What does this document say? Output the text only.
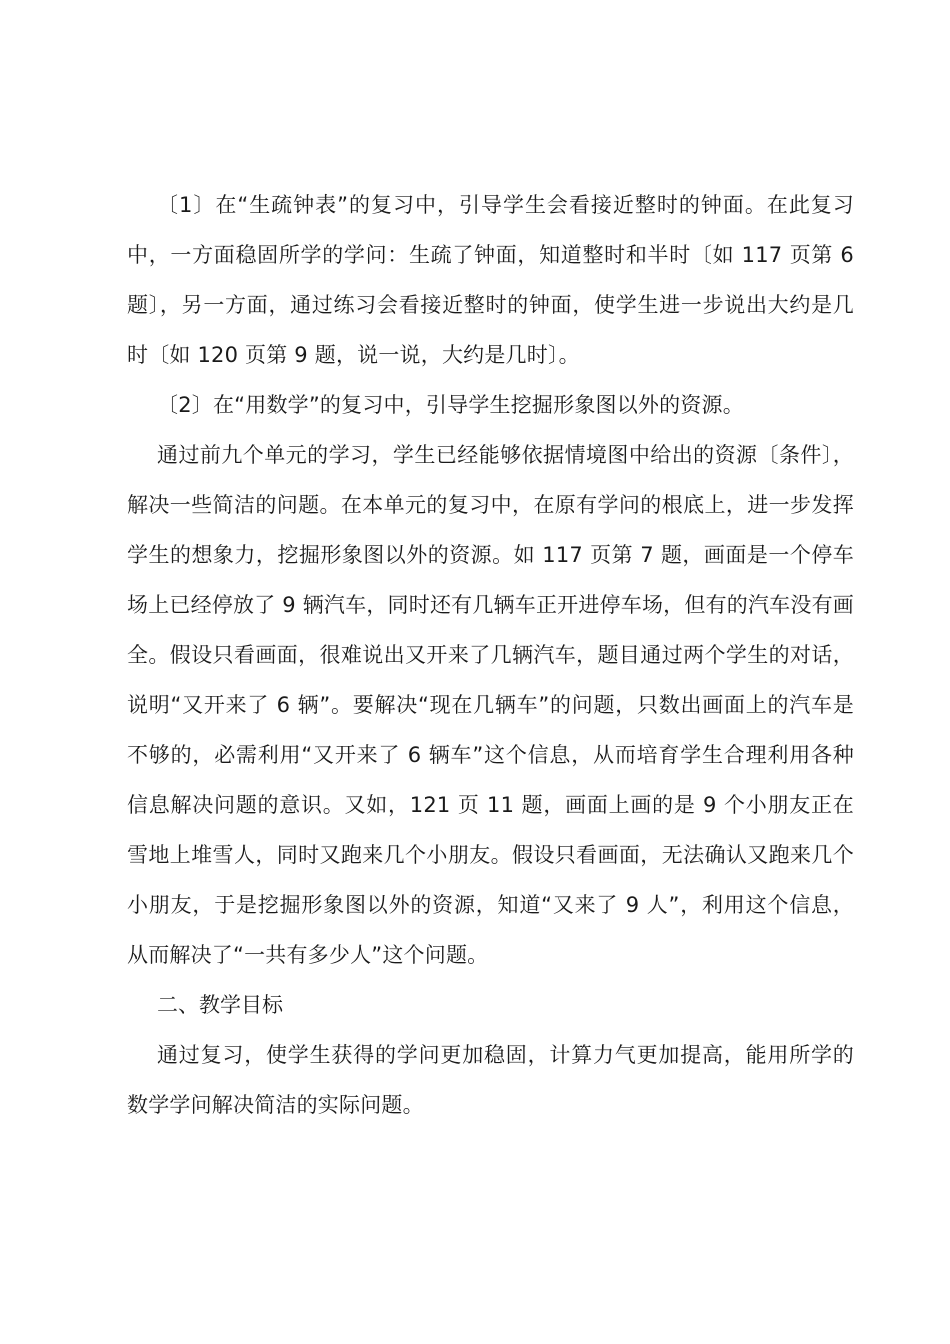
〔1〕在“生疏钟表”的复习中，引导学生会看接近整时的钟面。在此复习中，一方面稳固所学的学问：生疏了钟面，知道整时和半时〔如 117 页第 6 题〕，另一方面，通过练习会看接近整时的钟面，使学生进一步说出大约是几时〔如 120 页第 9 题，说一说，大约是几时〕。

〔2〕在“用数学”的复习中，引导学生挖掘形象图以外的资源。

通过前九个单元的学习，学生已经能够依据情境图中给出的资源〔条件〕，解决一些简洁的问题。在本单元的复习中，在原有学问的根底上，进一步发挥学生的想象力，挖掘形象图以外的资源。如 117 页第 7 题，画面是一个停车场上已经停放了 9 辆汽车，同时还有几辆车正开进停车场，但有的汽车没有画全。假设只看画面，很难说出又开来了几辆汽车，题目通过两个学生的对话，说明“又开来了 6 辆”。要解决“现在几辆车”的问题，只数出画面上的汽车是不够的，必需利用“又开来了 6 辆车”这个信息，从而培育学生合理利用各种信息解决问题的意识。又如，121 页 11 题，画面上画的是 9 个小朋友正在雪地上堆雪人，同时又跑来几个小朋友。假设只看画面，无法确认又跑来几个小朋友，于是挖掘形象图以外的资源，知道“又来了 9 人”，利用这个信息，从而解决了“一共有多少人”这个问题。

二、教学目标

通过复习，使学生获得的学问更加稳固，计算力气更加提高，能用所学的数学学问解决简洁的实际问题。
